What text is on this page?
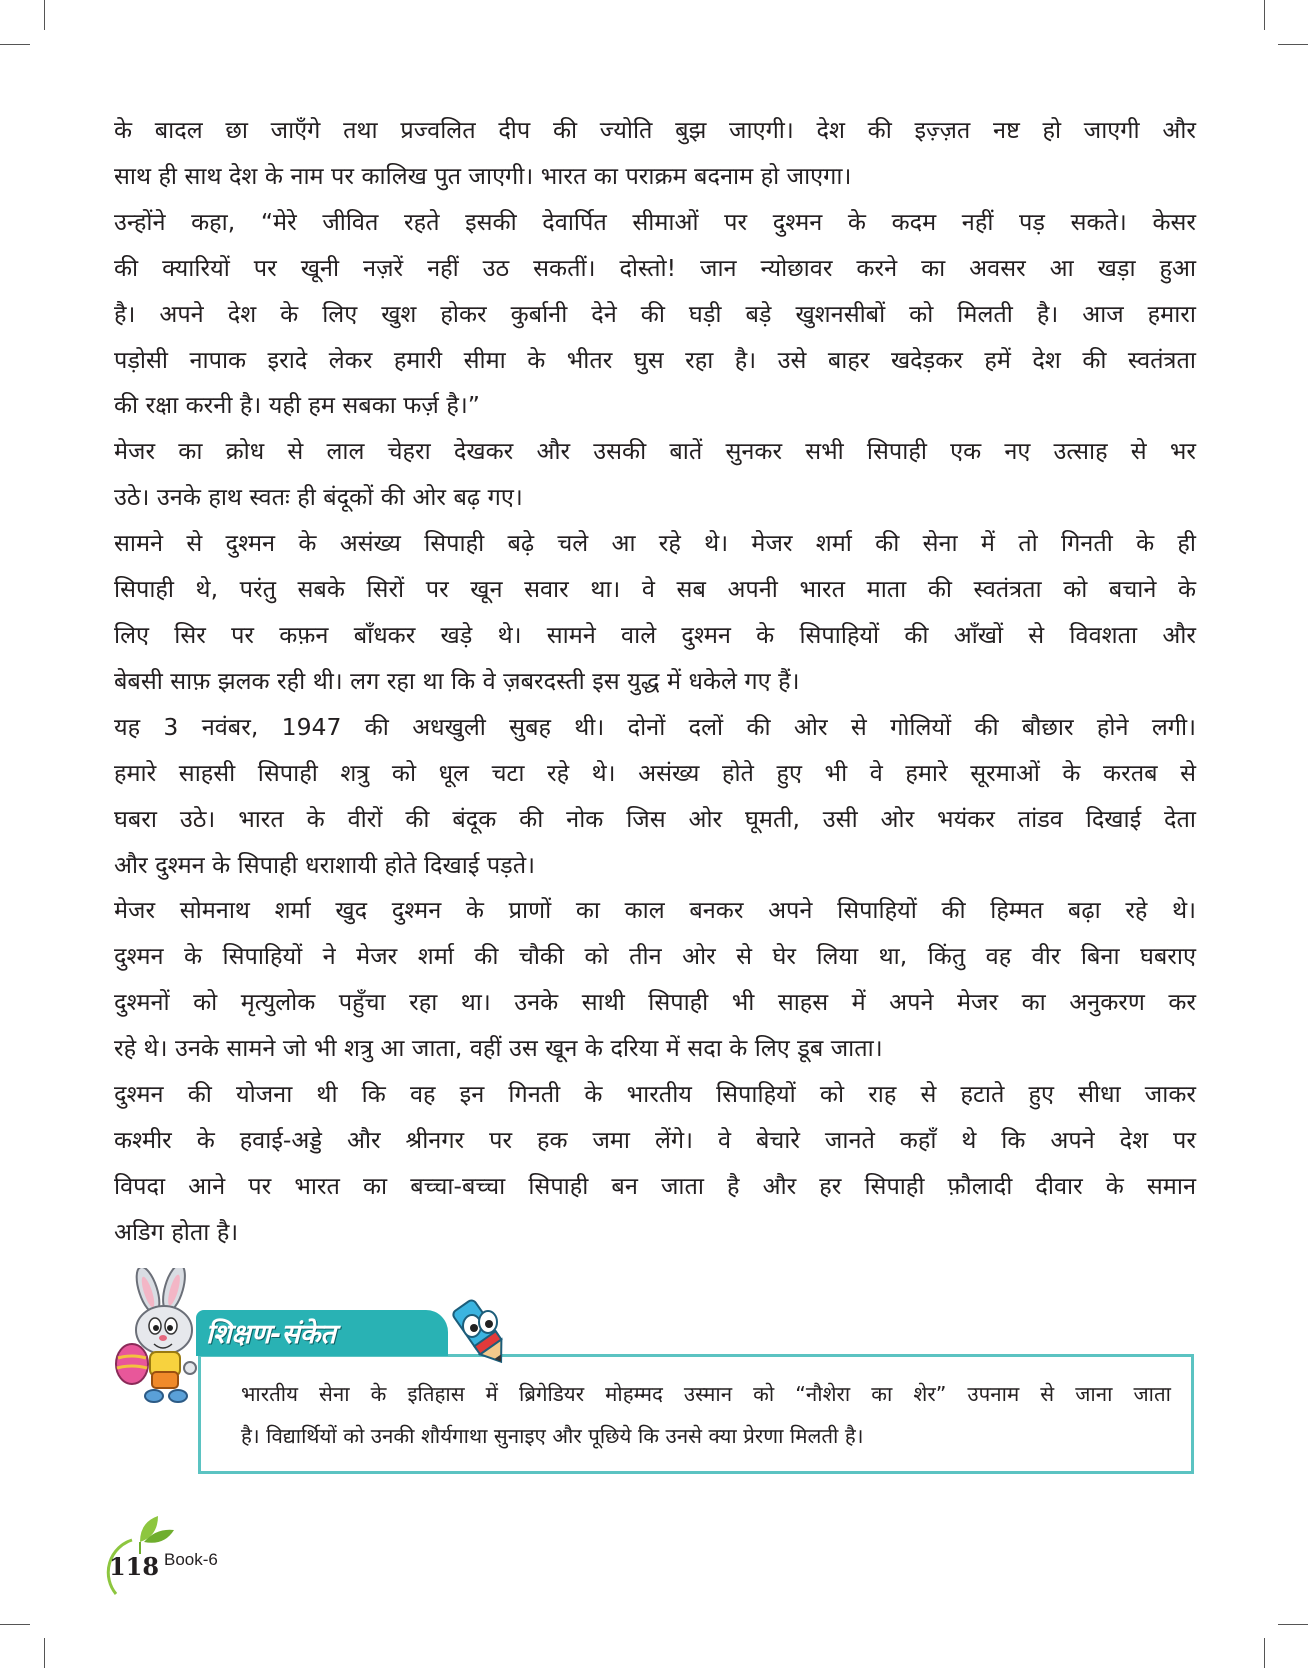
के बादल छा जाएँगे तथा प्रज्वलित दीप की ज्योति बुझ जाएगी। देश की इज़्ज़त नष्ट हो जाएगी और

साथ ही साथ देश के नाम पर कालिख पुत जाएगी। भारत का पराक्रम बदनाम हो जाएगा।

उन्होंने कहा, “मेरे जीवित रहते इसकी देवार्पित सीमाओं पर दुश्मन के कदम नहीं पड़ सकते। केसर

की क्यारियों पर खूनी नज़रें नहीं उठ सकतीं। दोस्तो! जान न्योछावर करने का अवसर आ खड़ा हुआ

है। अपने देश के लिए खुश होकर कुर्बानी देने की घड़ी बड़े खुशनसीबों को मिलती है। आज हमारा

पड़ोसी नापाक इरादे लेकर हमारी सीमा के भीतर घुस रहा है। उसे बाहर खदेड़कर हमें देश की स्वतंत्रता

की रक्षा करनी है। यही हम सबका फर्ज़ है।”

मेजर का क्रोध से लाल चेहरा देखकर और उसकी बातें सुनकर सभी सिपाही एक नए उत्साह से भर

उठे। उनके हाथ स्वतः ही बंदूकों की ओर बढ़ गए।

सामने से दुश्मन के असंख्य सिपाही बढ़े चले आ रहे थे। मेजर शर्मा की सेना में तो गिनती के ही

सिपाही थे, परंतु सबके सिरों पर खून सवार था। वे सब अपनी भारत माता की स्वतंत्रता को बचाने के

लिए सिर पर कफ़न बाँधकर खड़े थे। सामने वाले दुश्मन के सिपाहियों की आँखों से विवशता और

बेबसी साफ़ झलक रही थी। लग रहा था कि वे ज़बरदस्ती इस युद्ध में धकेले गए हैं।

यह 3 नवंबर, 1947 की अधखुली सुबह थी। दोनों दलों की ओर से गोलियों की बौछार होने लगी।

हमारे साहसी सिपाही शत्रु को धूल चटा रहे थे। असंख्य होते हुए भी वे हमारे सूरमाओं के करतब से

घबरा उठे। भारत के वीरों की बंदूक की नोक जिस ओर घूमती, उसी ओर भयंकर तांडव दिखाई देता

और दुश्मन के सिपाही धराशायी होते दिखाई पड़ते।

मेजर सोमनाथ शर्मा खुद दुश्मन के प्राणों का काल बनकर अपने सिपाहियों की हिम्मत बढ़ा रहे थे।

दुश्मन के सिपाहियों ने मेजर शर्मा की चौकी को तीन ओर से घेर लिया था, किंतु वह वीर बिना घबराए

दुश्मनों को मृत्युलोक पहुँचा रहा था। उनके साथी सिपाही भी साहस में अपने मेजर का अनुकरण कर

रहे थे। उनके सामने जो भी शत्रु आ जाता, वहीं उस खून के दरिया में सदा के लिए डूब जाता।

दुश्मन की योजना थी कि वह इन गिनती के भारतीय सिपाहियों को राह से हटाते हुए सीधा जाकर

कश्मीर के हवाई-अड्डे और श्रीनगर पर हक जमा लेंगे। वे बेचारे जानते कहाँ थे कि अपने देश पर

विपदा आने पर भारत का बच्चा-बच्चा सिपाही बन जाता है और हर सिपाही फ़ौलादी दीवार के समान

अडिग होता है।

भारतीय सेना के इतिहास में ब्रिगेडियर मोहम्मद उस्मान को “नौशेरा का शेर” उपनाम से जाना जाता

है। विद्यार्थियों को उनकी शौर्यगाथा सुनाइए और पूछिये कि उनसे क्या प्रेरणा मिलती है।

शिक्षण-संकेत
118 Book-6
